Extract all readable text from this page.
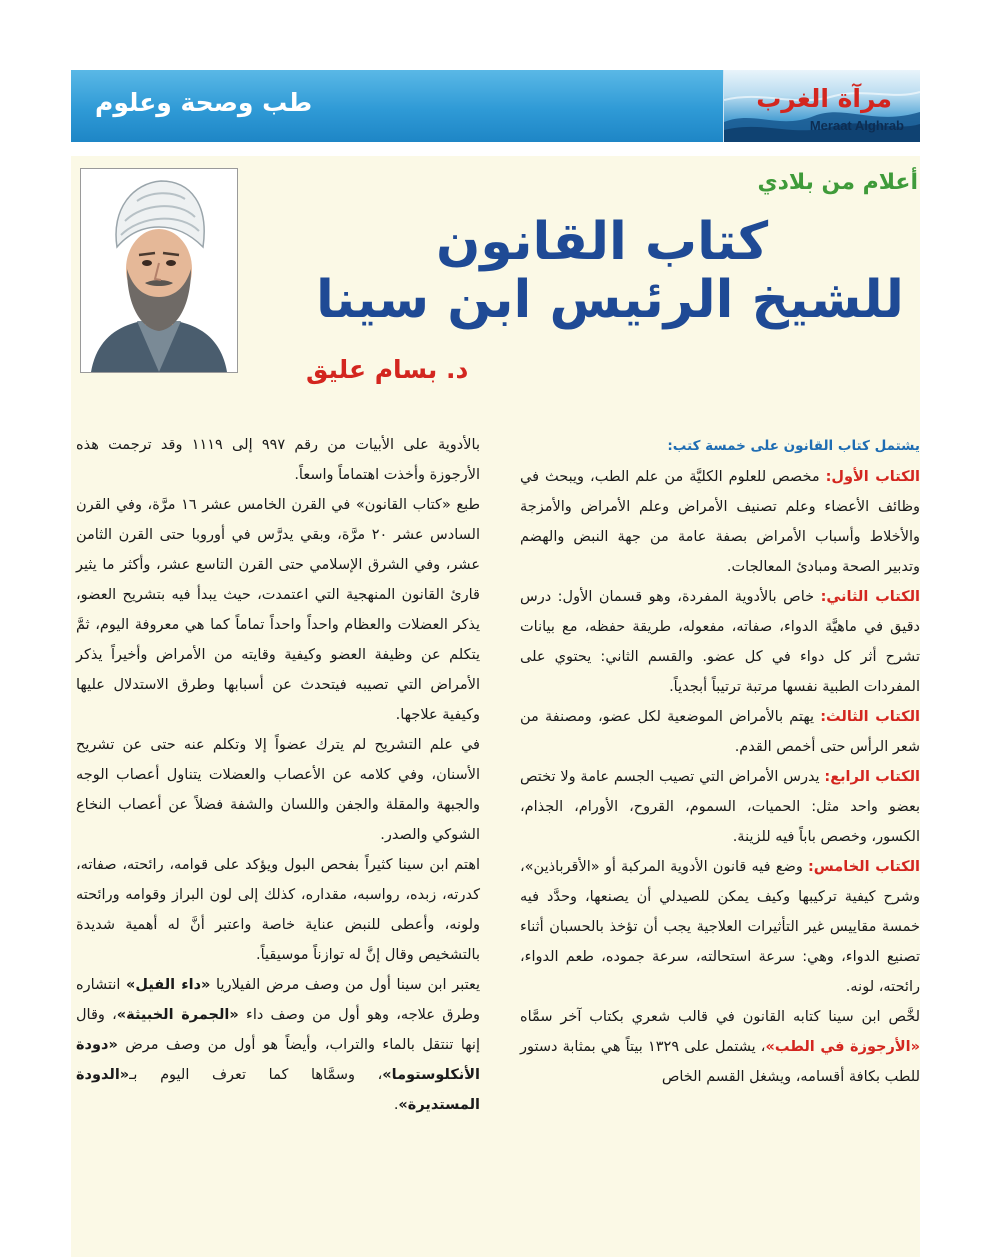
طب وصحة وعلوم	مرآة الغرب
Meraat Alghrab
أعلام من بلادي
كتاب القانون
للشيخ الرئيس ابن سينا
د. بسام عليق

يشتمل كتاب القانون على خمسة كتب:

الكتاب الأول: مخصص للعلوم الكليَّة من علم الطب، ويبحث في وظائف الأعضاء وعلم تصنيف الأمراض وعلم الأمراض والأمزجة والأخلاط وأسباب الأمراض بصفة عامة من جهة النبض والهضم وتدبير الصحة ومبادئ المعالجات.

الكتاب الثاني: خاص بالأدوية المفردة، وهو قسمان الأول: درس دقيق في ماهيَّة الدواء، صفاته، مفعوله، طريقة حفظه، مع بيانات تشرح أثر كل دواء في كل عضو. والقسم الثاني: يحتوي على المفردات الطبية نفسها مرتبة ترتيباً أبجدياً.

الكتاب الثالث: يهتم بالأمراض الموضعية لكل عضو، ومصنفة من شعر الرأس حتى أخمص القدم.

الكتاب الرابع: يدرس الأمراض التي تصيب الجسم عامة ولا تختص بعضو واحد مثل: الحميات، السموم، القروح، الأورام، الجذام، الكسور، وخصص باباً فيه للزينة.

الكتاب الخامس: وضع فيه قانون الأدوية المركبة أو «الأقرباذين»، وشرح كيفية تركيبها وكيف يمكن للصيدلي أن يصنعها، وحدَّد فيه خمسة مقاييس غير التأثيرات العلاجية يجب أن تؤخذ بالحسبان أثناء تصنيع الدواء، وهي: سرعة استحالته، سرعة جموده، طعم الدواء، رائحته، لونه.

لخَّص ابن سينا كتابه القانون في قالب شعري بكتاب آخر سمَّاه «الأرجوزة في الطب»، يشتمل على ١٣٢٩ بيتاً هي بمثابة دستور للطب بكافة أقسامه، ويشغل القسم الخاص

بالأدوية على الأبيات من رقم ٩٩٧ إلى ١١١٩ وقد ترجمت هذه الأرجوزة وأخذت اهتماماً واسعاً.

طبع «كتاب القانون» في القرن الخامس عشر ١٦ مرَّة، وفي القرن السادس عشر ٢٠ مرَّة، وبقي يدرَّس في أوروبا حتى القرن الثامن عشر، وفي الشرق الإسلامي حتى القرن التاسع عشر، وأكثر ما يثير قارئ القانون المنهجية التي اعتمدت، حيث يبدأ فيه بتشريح العضو، يذكر العضلات والعظام واحداً واحداً تماماً كما هي معروفة اليوم، ثمَّ يتكلم عن وظيفة العضو وكيفية وقايته من الأمراض وأخيراً يذكر الأمراض التي تصيبه فيتحدث عن أسبابها وطرق الاستدلال عليها وكيفية علاجها.

في علم التشريح لم يترك عضواً إلا وتكلم عنه حتى عن تشريح الأسنان، وفي كلامه عن الأعصاب والعضلات يتناول أعصاب الوجه والجبهة والمقلة والجفن واللسان والشفة فضلاً عن أعصاب النخاع الشوكي والصدر.

اهتم ابن سينا كثيراً بفحص البول ويؤكد على قوامه، رائحته، صفاته، كدرته، زبده، رواسبه، مقداره، كذلك إلى لون البراز وقوامه ورائحته ولونه، وأعطى للنبض عناية خاصة واعتبر أنَّ له أهمية شديدة بالتشخيص وقال إنَّ له توازناً موسيقياً.

يعتبر ابن سينا أول من وصف مرض الفيلاريا «داء الفيل» انتشاره وطرق علاجه، وهو أول من وصف داء «الجمرة الخبيثة»، وقال إنها تنتقل بالماء والتراب، وأيضاً هو أول من وصف مرض «دودة الأنكلوستوما»، وسمَّاها كما تعرف اليوم بـ«الدودة المستديرة».
